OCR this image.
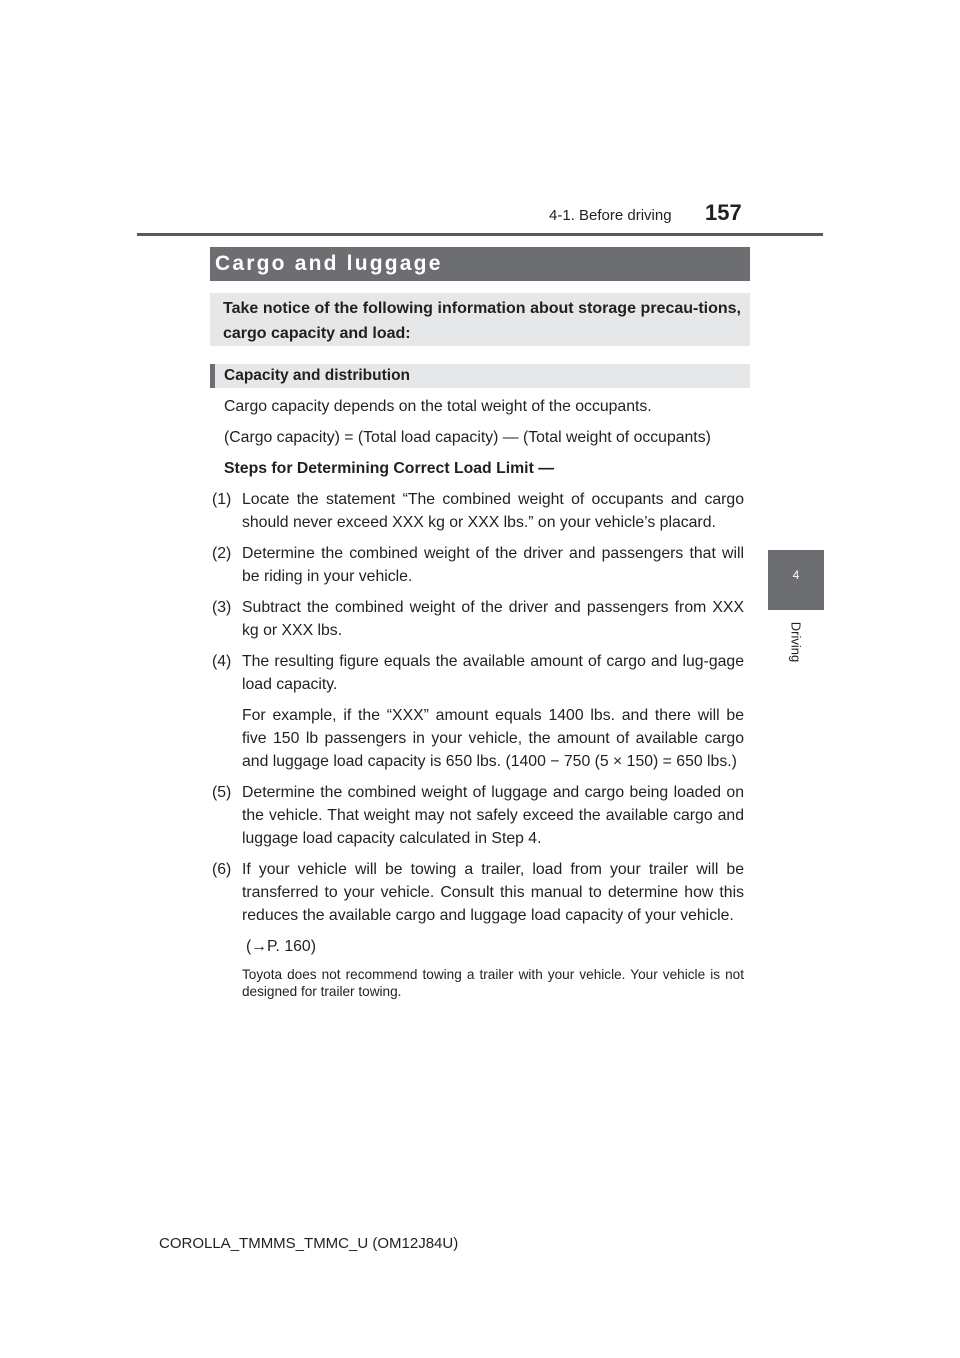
4-1. Before driving 157
4
Driving
Cargo and luggage
Take notice of the following information about storage precau-tions, cargo capacity and load:
Capacity and distribution

Cargo capacity depends on the total weight of the occupants.

(Cargo capacity) = (Total load capacity) — (Total weight of occupants)

Steps for Determining Correct Load Limit —

(1) Locate the statement “The combined weight of occupants and cargo should never exceed XXX kg or XXX lbs.” on your vehicle’s placard.
(2) Determine the combined weight of the driver and passengers that will be riding in your vehicle.
(3) Subtract the combined weight of the driver and passengers from XXX kg or XXX lbs.
(4) The resulting figure equals the available amount of cargo and lug-gage load capacity.
For example, if the “XXX” amount equals 1400 lbs. and there will be five 150 lb passengers in your vehicle, the amount of available cargo and luggage load capacity is 650 lbs. (1400 − 750 (5 × 150) = 650 lbs.)
(5) Determine the combined weight of luggage and cargo being loaded on the vehicle. That weight may not safely exceed the available cargo and luggage load capacity calculated in Step 4.
(6) If your vehicle will be towing a trailer, load from your trailer will be transferred to your vehicle. Consult this manual to determine how this reduces the available cargo and luggage load capacity of your vehicle.
(→P. 160)
Toyota does not recommend towing a trailer with your vehicle. Your vehicle is not designed for trailer towing.
COROLLA_TMMMS_TMMC_U (OM12J84U)
